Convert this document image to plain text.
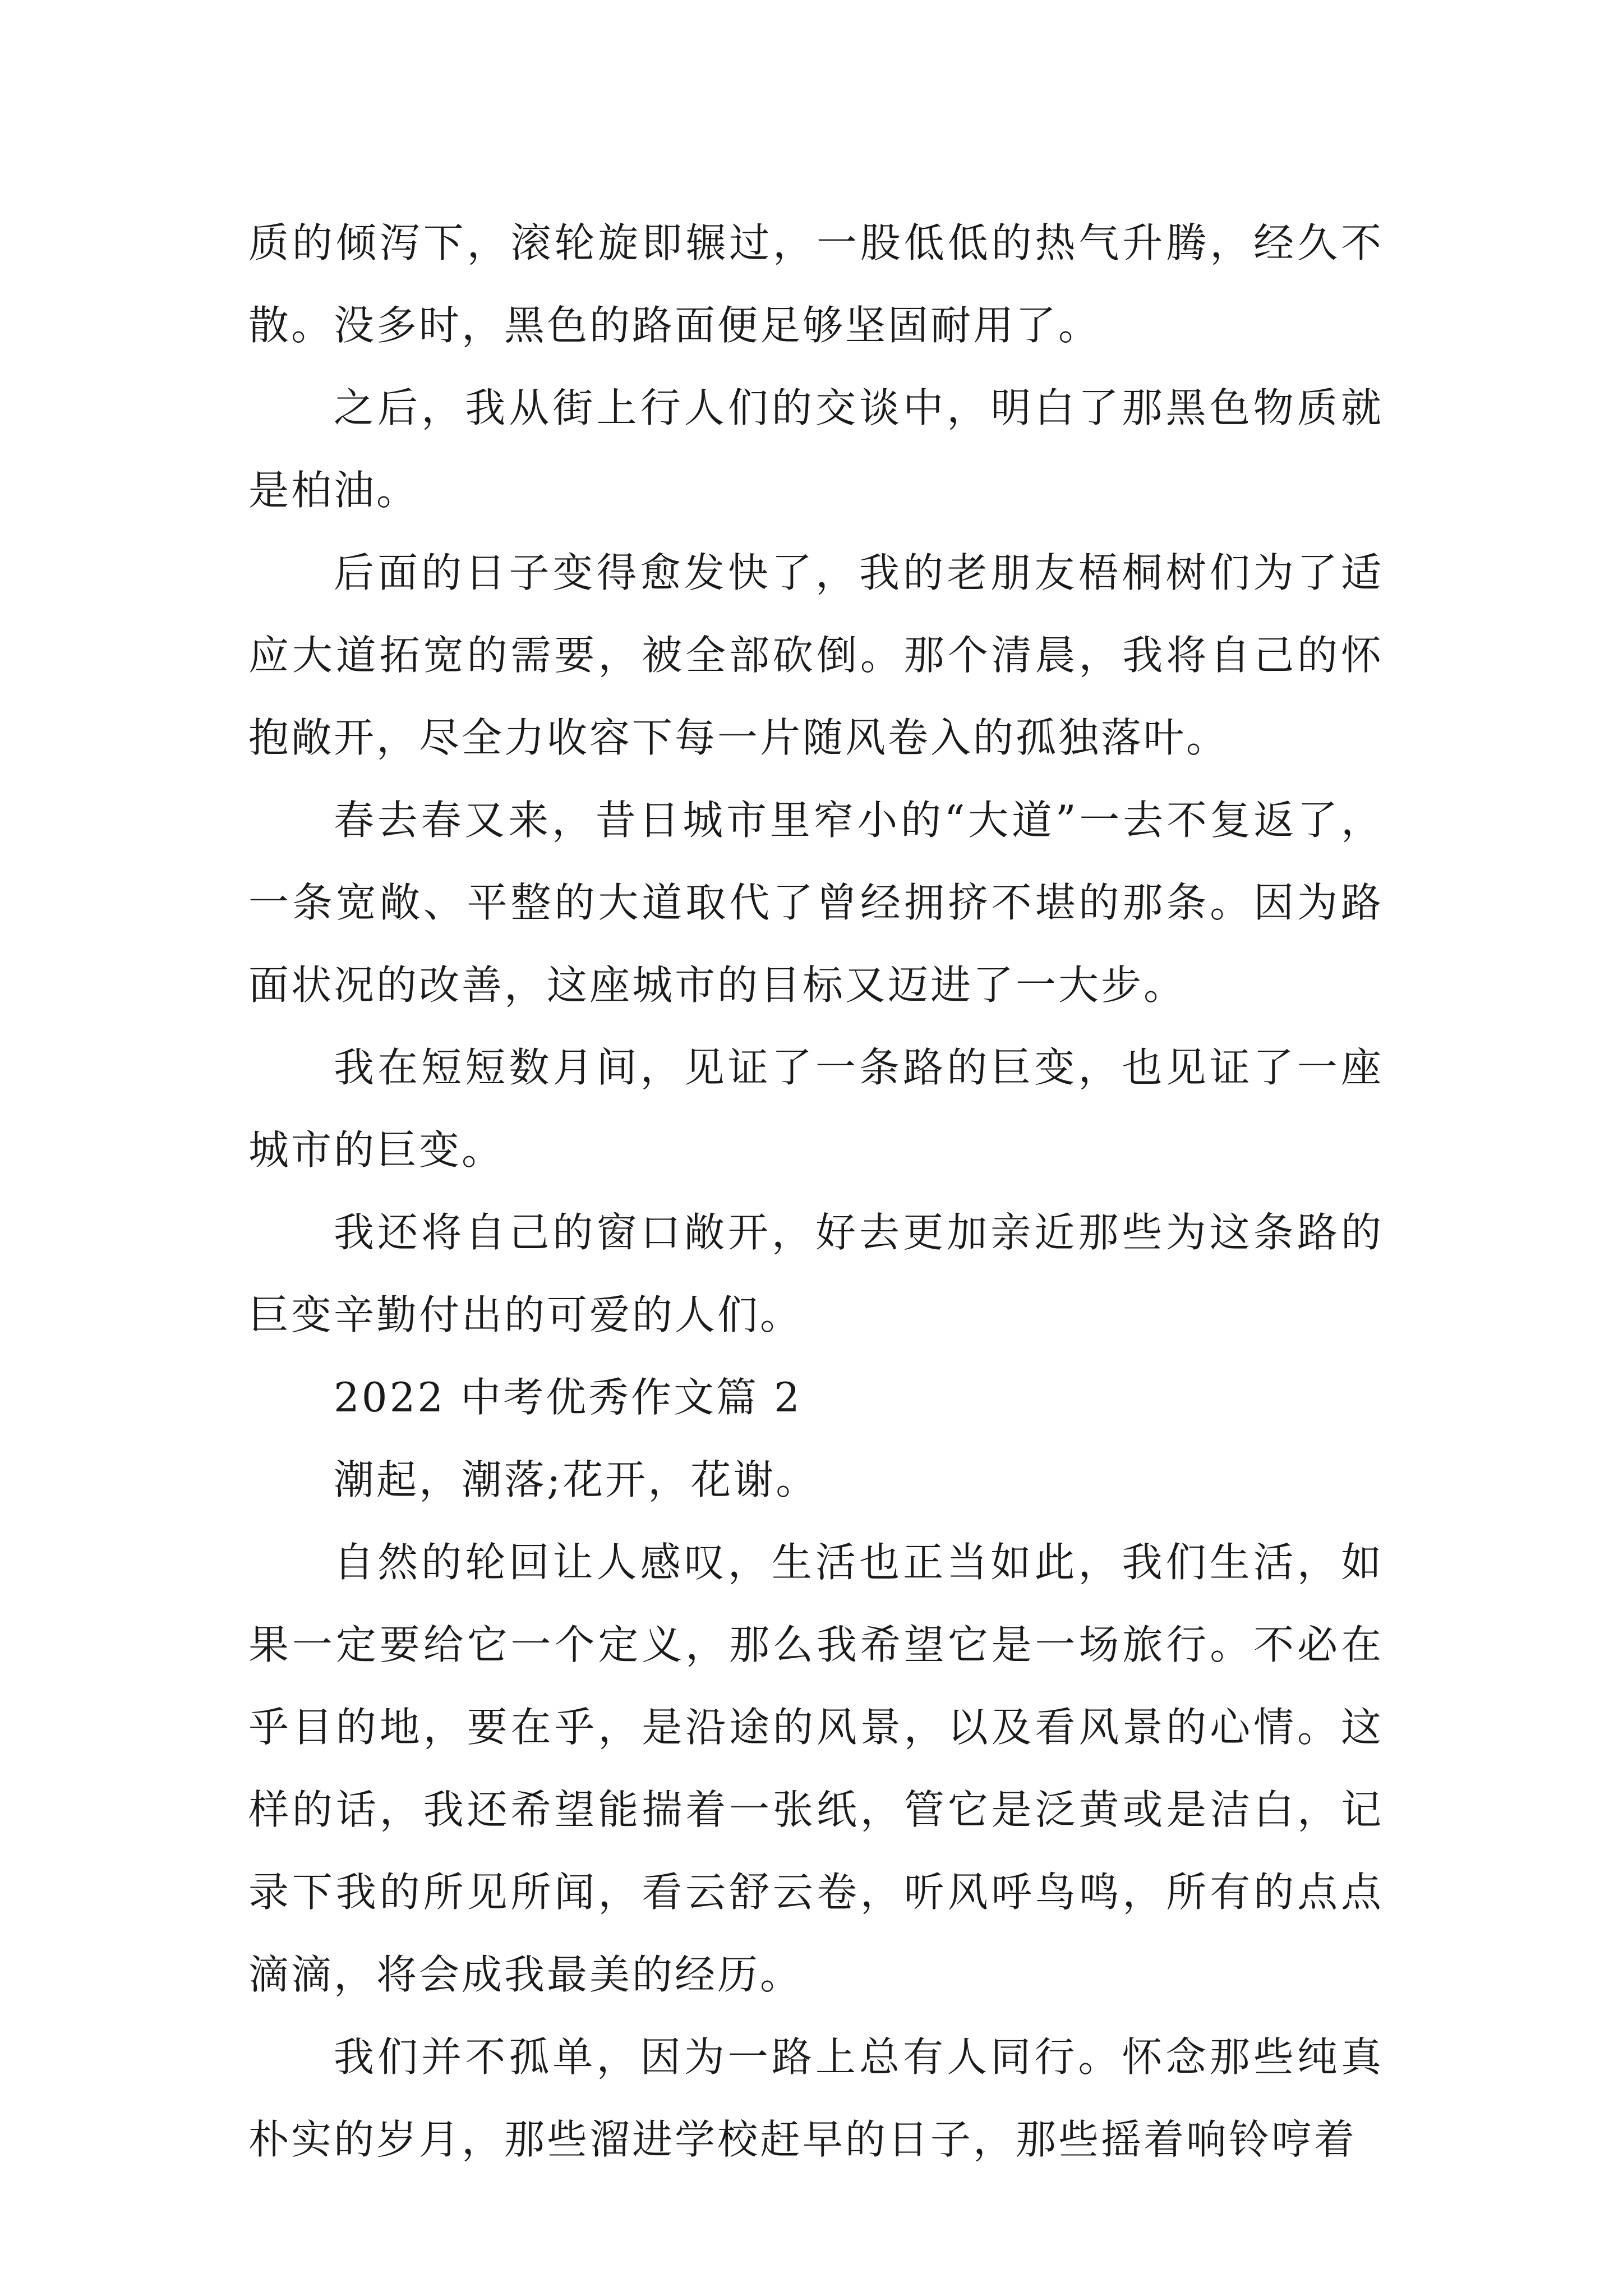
质的倾泻下，滚轮旋即辗过，一股低低的热气升腾，经久不散。没多时，黑色的路面便足够坚固耐用了。

之后，我从街上行人们的交谈中，明白了那黑色物质就是柏油。

后面的日子变得愈发快了，我的老朋友梧桐树们为了适应大道拓宽的需要，被全部砍倒。那个清晨，我将自己的怀抱敞开，尽全力收容下每一片随风卷入的孤独落叶。

春去春又来，昔日城市里窄小的“大道”一去不复返了，一条宽敞、平整的大道取代了曾经拥挤不堪的那条。因为路面状况的改善，这座城市的目标又迈进了一大步。

我在短短数月间，见证了一条路的巨变，也见证了一座城市的巨变。

我还将自己的窗口敞开，好去更加亲近那些为这条路的巨变辛勤付出的可爱的人们。

2022 中考优秀作文篇 2

潮起，潮落;花开，花谢。

自然的轮回让人感叹，生活也正当如此，我们生活，如果一定要给它一个定义，那么我希望它是一场旅行。不必在乎目的地，要在乎，是沿途的风景，以及看风景的心情。这样的话，我还希望能揣着一张纸，管它是泛黄或是洁白，记录下我的所见所闻，看云舒云卷，听风呼鸟鸣，所有的点点滴滴，将会成我最美的经历。

我们并不孤单，因为一路上总有人同行。怀念那些纯真朴实的岁月，那些溜进学校赶早的日子，那些摇着响铃哼着
